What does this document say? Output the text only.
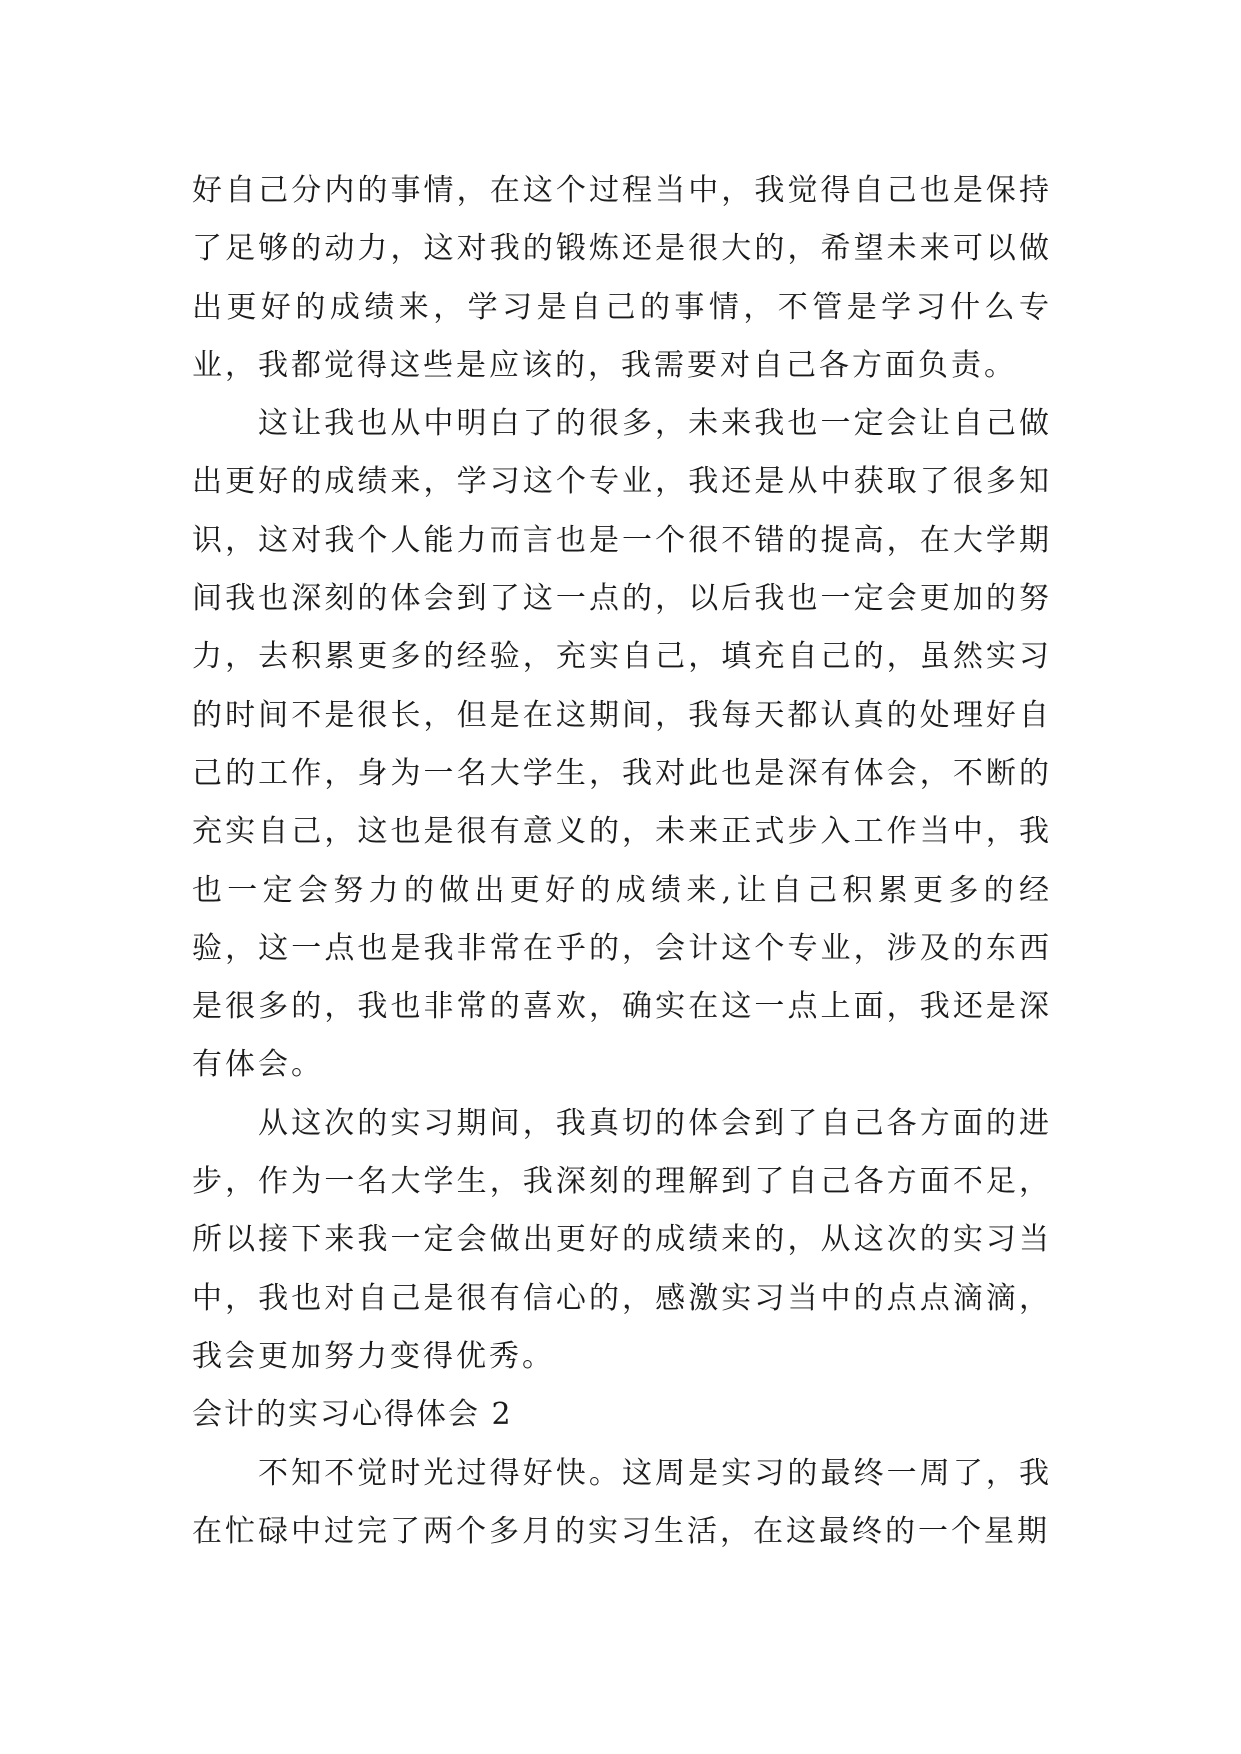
好自己分内的事情，在这个过程当中，我觉得自己也是保持了足够的动力，这对我的锻炼还是很大的，希望未来可以做出更好的成绩来，学习是自己的事情，不管是学习什么专业，我都觉得这些是应该的，我需要对自己各方面负责。

这让我也从中明白了的很多，未来我也一定会让自己做出更好的成绩来，学习这个专业，我还是从中获取了很多知识，这对我个人能力而言也是一个很不错的提高，在大学期间我也深刻的体会到了这一点的，以后我也一定会更加的努力，去积累更多的经验，充实自己，填充自己的，虽然实习的时间不是很长，但是在这期间，我每天都认真的处理好自己的工作，身为一名大学生，我对此也是深有体会，不断的充实自己，这也是很有意义的，未来正式步入工作当中，我也一定会努力的做出更好的成绩来,让自己积累更多的经验，这一点也是我非常在乎的，会计这个专业，涉及的东西是很多的，我也非常的喜欢，确实在这一点上面，我还是深有体会。

从这次的实习期间，我真切的体会到了自己各方面的进步，作为一名大学生，我深刻的理解到了自己各方面不足，所以接下来我一定会做出更好的成绩来的，从这次的实习当中，我也对自己是很有信心的，感激实习当中的点点滴滴，我会更加努力变得优秀。

会计的实习心得体会 2

不知不觉时光过得好快。这周是实习的最终一周了，我在忙碌中过完了两个多月的实习生活，在这最终的一个星期
